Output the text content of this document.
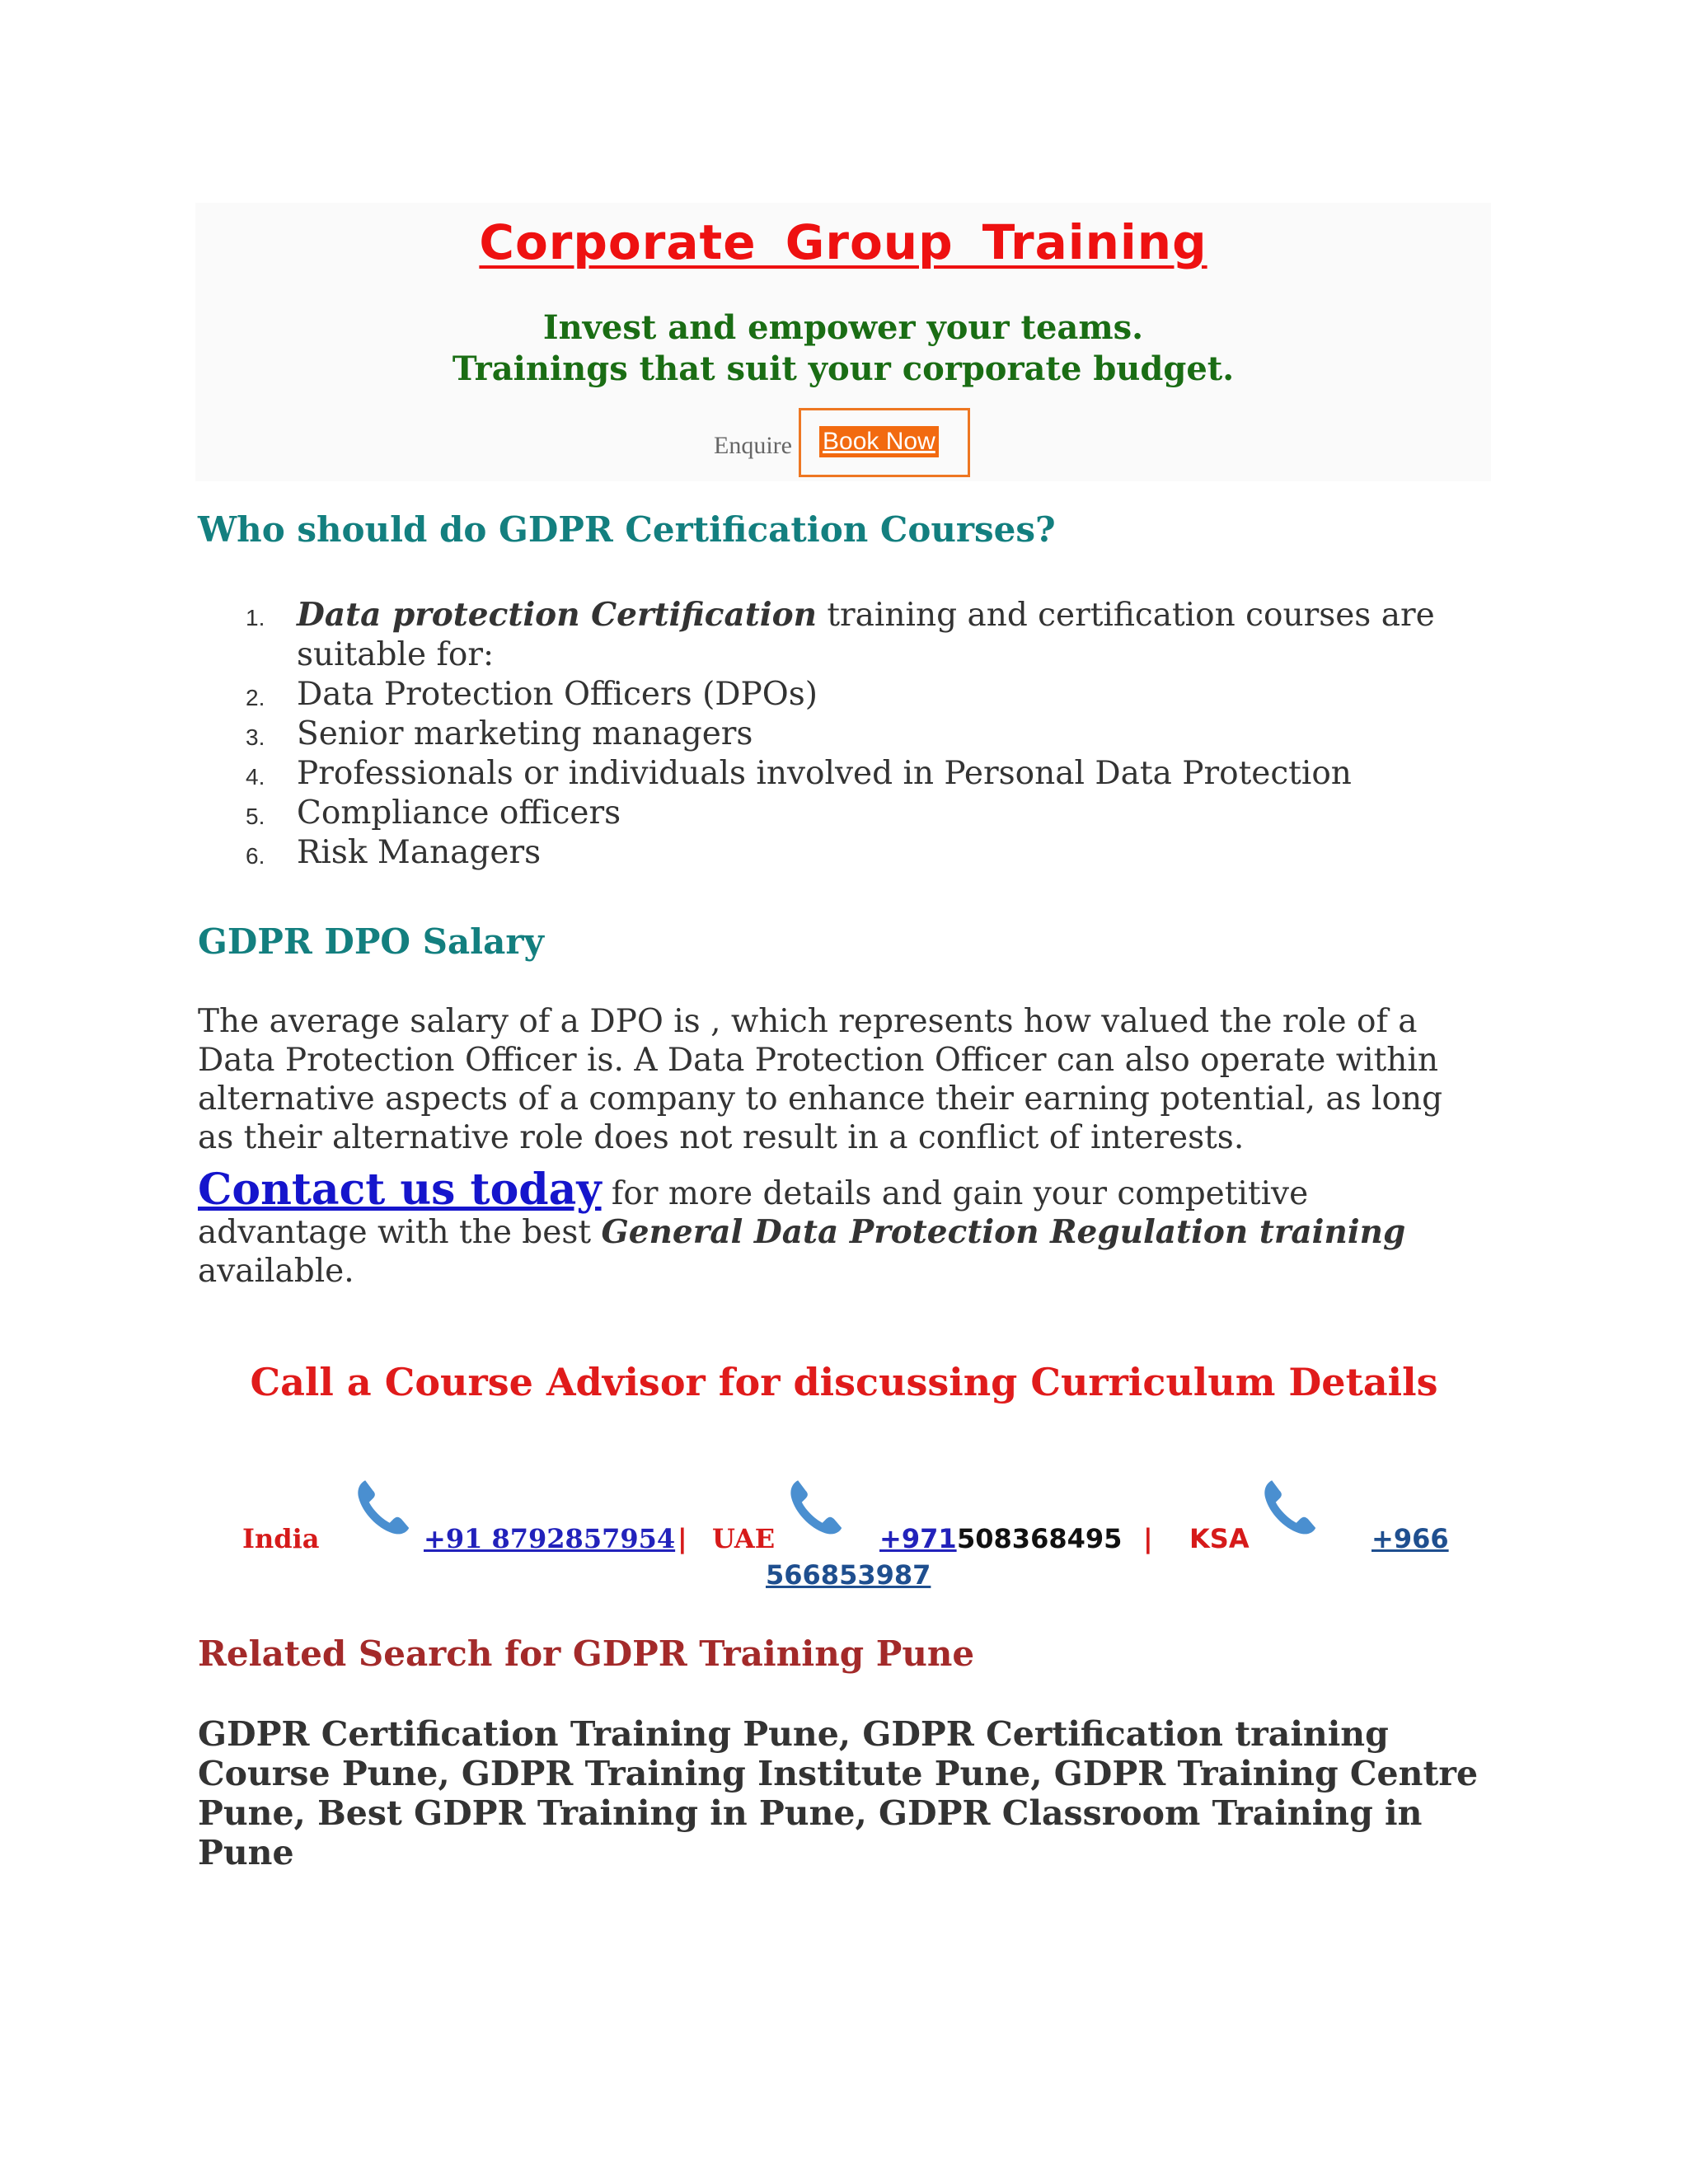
Corporate Group Training
Invest and empower your teams.
Trainings that suit your corporate budget.
Enquire Book Now
Who should do GDPR Certification Courses?
1. Data protection Certification training and certification courses are suitable for:
2. Data Protection Officers (DPOs)
3. Senior marketing managers
4. Professionals or individuals involved in Personal Data Protection
5. Compliance officers
6. Risk Managers
GDPR DPO Salary
The average salary of a DPO is , which represents how valued the role of a Data Protection Officer is. A Data Protection Officer can also operate within alternative aspects of a company to enhance their earning potential, as long as their alternative role does not result in a conflict of interests.
Contact us today for more details and gain your competitive advantage with the best General Data Protection Regulation training available.
Call a Course Advisor for discussing Curriculum Details
India	+91 8792857954 | UAE	+971 508368495 | KSA	+966
566853987
Related Search for GDPR Training Pune
GDPR Certification Training Pune, GDPR Certification training Course Pune, GDPR Training Institute Pune, GDPR Training Centre Pune, Best GDPR Training in Pune, GDPR Classroom Training in Pune
